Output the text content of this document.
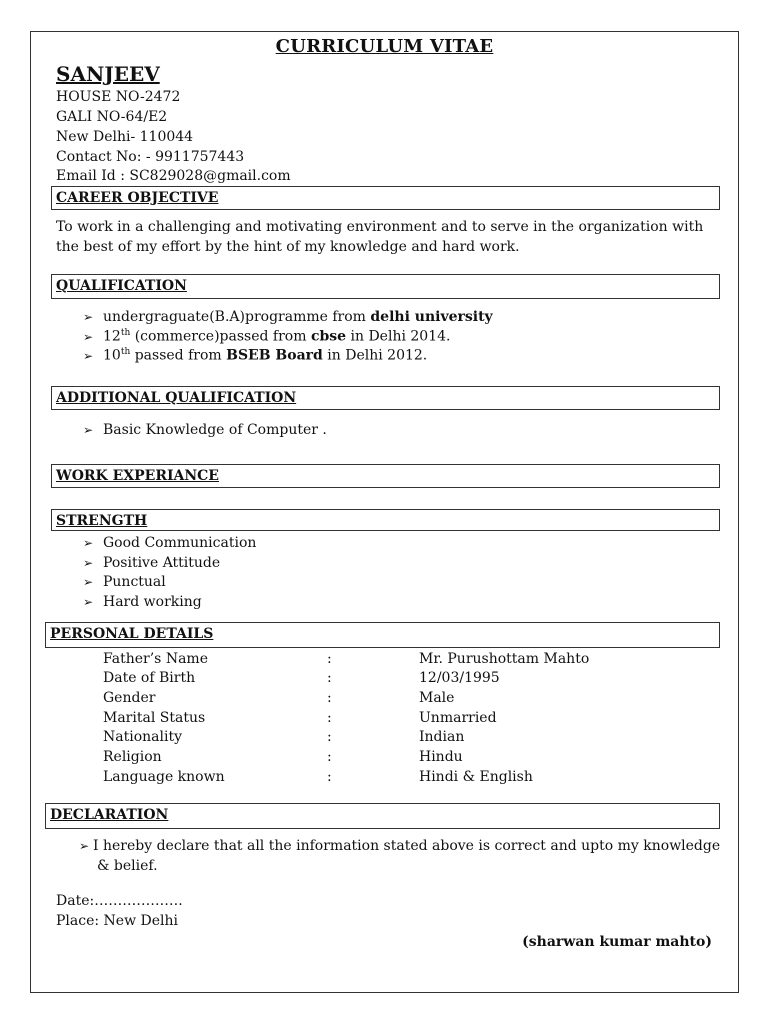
CURRICULUM VITAE
SANJEEV
HOUSE NO-2472
GALI NO-64/E2
New Delhi- 110044
Contact No: - 9911757443
Email Id : SC829028@gmail.com
CAREER OBJECTIVE
To work in a challenging and motivating environment and to serve in the organization with the best of my effort by the hint of my knowledge and hard work.
QUALIFICATION
➢ undergraguate(B.A)programme from delhi university
➢ 12th (commerce)passed from cbse in Delhi 2014.
➢ 10th passed from BSEB Board in Delhi 2012.
ADDITIONAL QUALIFICATION
➢ Basic Knowledge of Computer .
WORK EXPERIANCE
STRENGTH
➢ Good Communication
➢ Positive Attitude
➢ Punctual
➢ Hard working
PERSONAL DETAILS
Father’s Name	:	Mr. Purushottam Mahto
Date of Birth	:	12/03/1995
Gender	:	Male
Marital Status	:	Unmarried
Nationality	:	Indian
Religion	:	Hindu
Language known	:	Hindi & English
DECLARATION
➢ I hereby declare that all the information stated above is correct and upto my knowledge
& belief.
Date:……………….
Place: New Delhi
(sharwan kumar mahto)
